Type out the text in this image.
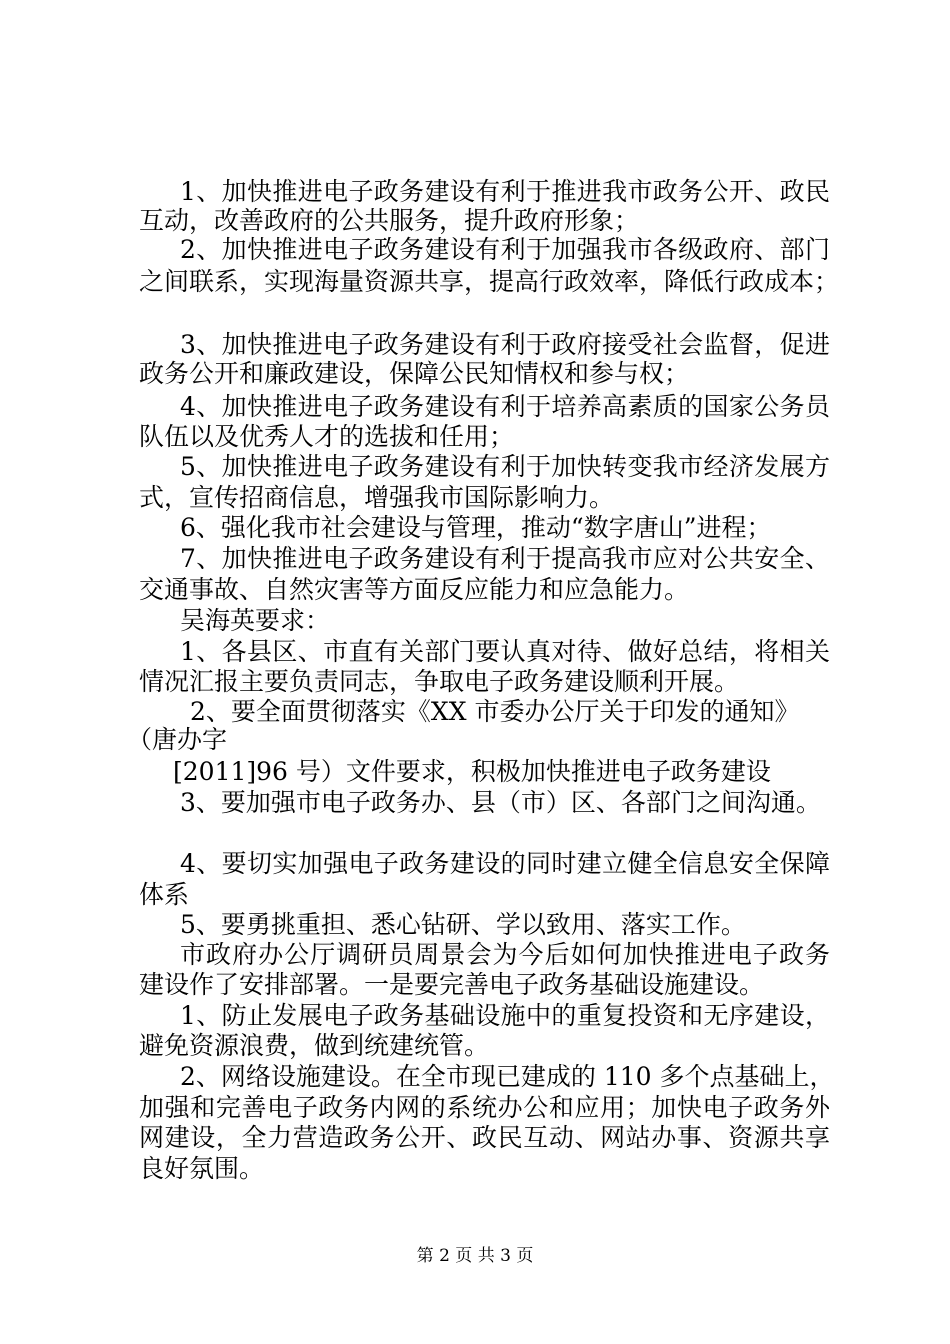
1、加快推进电子政务建设有利于推进我市政务公开、政民
互动，改善政府的公共服务，提升政府形象；
2、加快推进电子政务建设有利于加强我市各级政府、部门
之间联系，实现海量资源共享，提高行政效率，降低行政成本；
3、加快推进电子政务建设有利于政府接受社会监督，促进
政务公开和廉政建设，保障公民知情权和参与权；
4、加快推进电子政务建设有利于培养高素质的国家公务员
队伍以及优秀人才的选拔和任用；
5、加快推进电子政务建设有利于加快转变我市经济发展方
式，宣传招商信息，增强我市国际影响力。
6、强化我市社会建设与管理，推动“数字唐山”进程；
7、加快推进电子政务建设有利于提高我市应对公共安全、
交通事故、自然灾害等方面反应能力和应急能力。
吴海英要求：
1、各县区、市直有关部门要认真对待、做好总结，将相关
情况汇报主要负责同志，争取电子政务建设顺利开展。
2、要全面贯彻落实《XX 市委办公厅关于印发的通知》
（唐办字
[2011]96 号）文件要求，积极加快推进电子政务建设
3、要加强市电子政务办、县（市）区、各部门之间沟通。
4、要切实加强电子政务建设的同时建立健全信息安全保障
体系
5、要勇挑重担、悉心钻研、学以致用、落实工作。
市政府办公厅调研员周景会为今后如何加快推进电子政务
建设作了安排部署。一是要完善电子政务基础设施建设。
1、防止发展电子政务基础设施中的重复投资和无序建设，
避免资源浪费，做到统建统管。
2、网络设施建设。在全市现已建成的 110 多个点基础上，
加强和完善电子政务内网的系统办公和应用；加快电子政务外
网建设，全力营造政务公开、政民互动、网站办事、资源共享
良好氛围。
第 2 页 共 3 页
